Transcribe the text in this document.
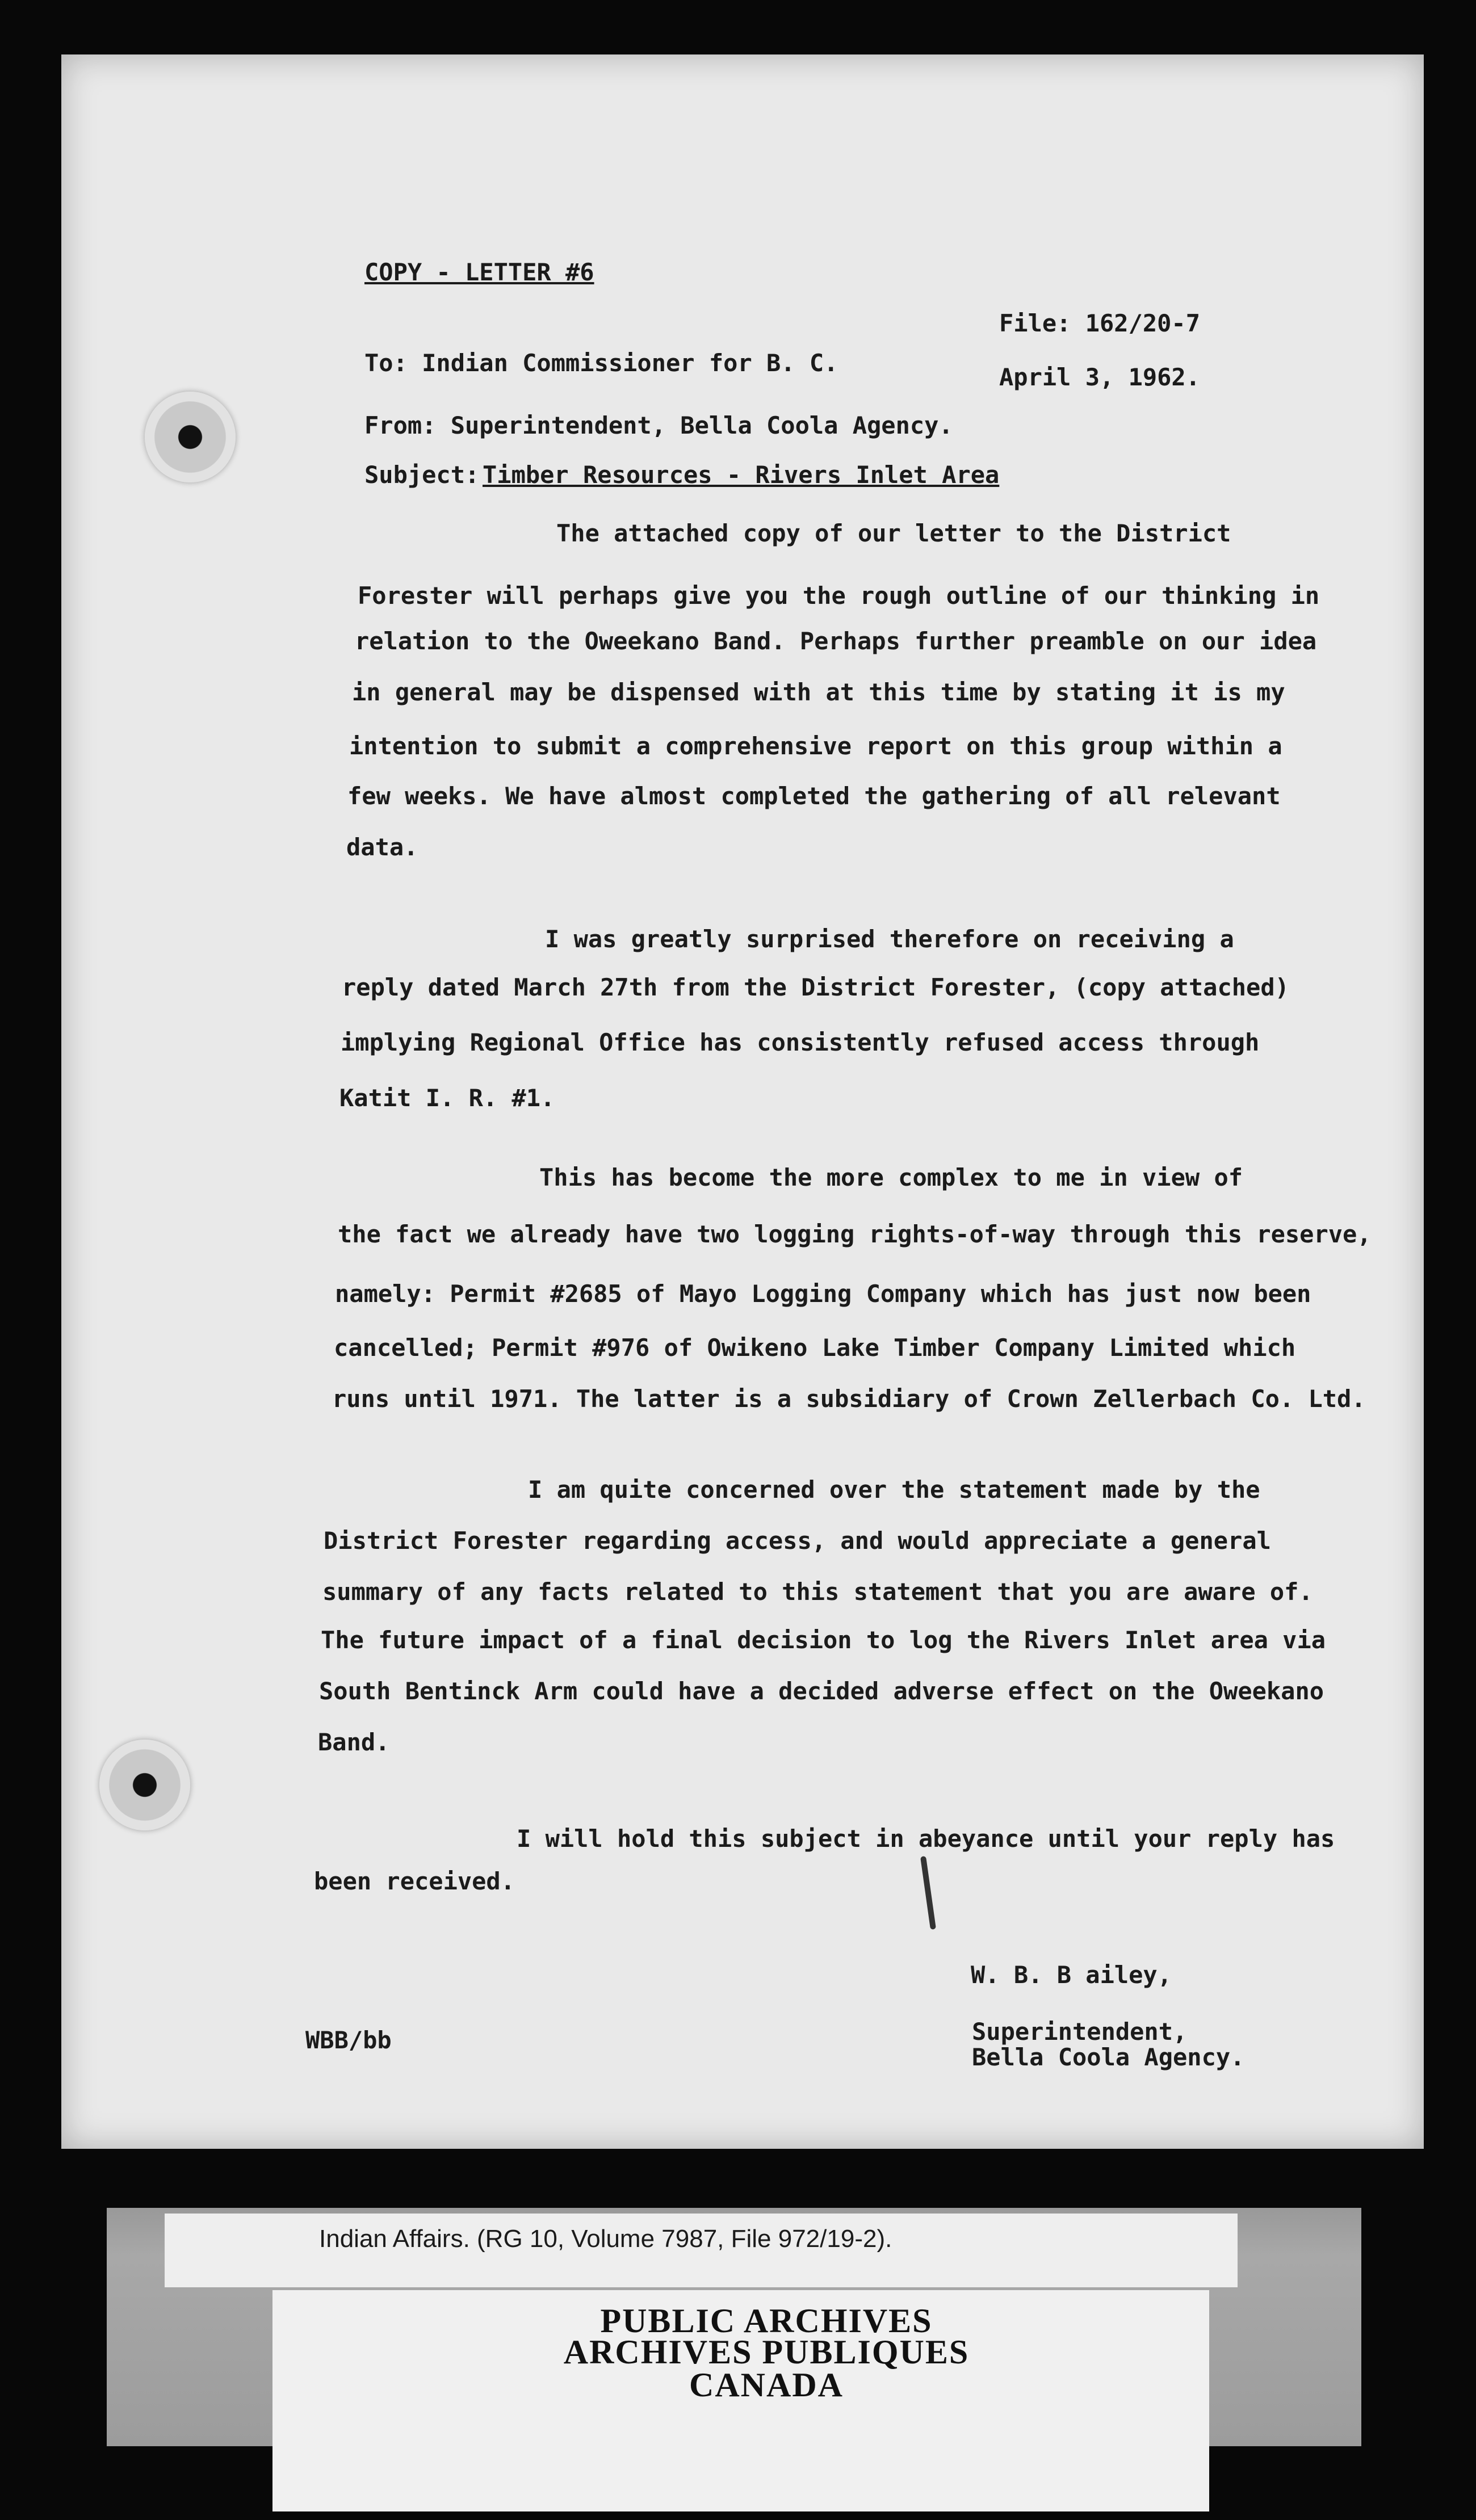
COPY - LETTER #6
File: 162/20-7
To: Indian Commissioner for B. C.
April 3, 1962.
From: Superintendent, Bella Coola Agency.
Subject: Timber Resources - Rivers Inlet Area
The attached copy of our letter to the District
Forester will perhaps give you the rough outline of our thinking in
relation to the Oweekano Band. Perhaps further preamble on our idea
in general may be dispensed with at this time by stating it is my
intention to submit a comprehensive report on this group within a
few weeks. We have almost completed the gathering of all relevant
data.
I was greatly surprised therefore on receiving a
reply dated March 27th from the District Forester, (copy attached)
implying Regional Office has consistently refused access through
Katit I. R. #1.
This has become the more complex to me in view of
the fact we already have two logging rights-of-way through this reserve,
namely: Permit #2685 of Mayo Logging Company which has just now been
cancelled; Permit #976 of Owikeno Lake Timber Company Limited which
runs until 1971. The latter is a subsidiary of Crown Zellerbach Co. Ltd.
I am quite concerned over the statement made by the
District Forester regarding access, and would appreciate a general
summary of any facts related to this statement that you are aware of.
The future impact of a final decision to log the Rivers Inlet area via
South Bentinck Arm could have a decided adverse effect on the Oweekano
Band.
I will hold this subject in abeyance until your reply has
been received.
W. B. B ailey,
Superintendent,
Bella Coola Agency.
WBB/bb
Indian Affairs. (RG 10, Volume 7987, File 972/19-2).
PUBLIC ARCHIVES
ARCHIVES PUBLIQUES
CANADA
